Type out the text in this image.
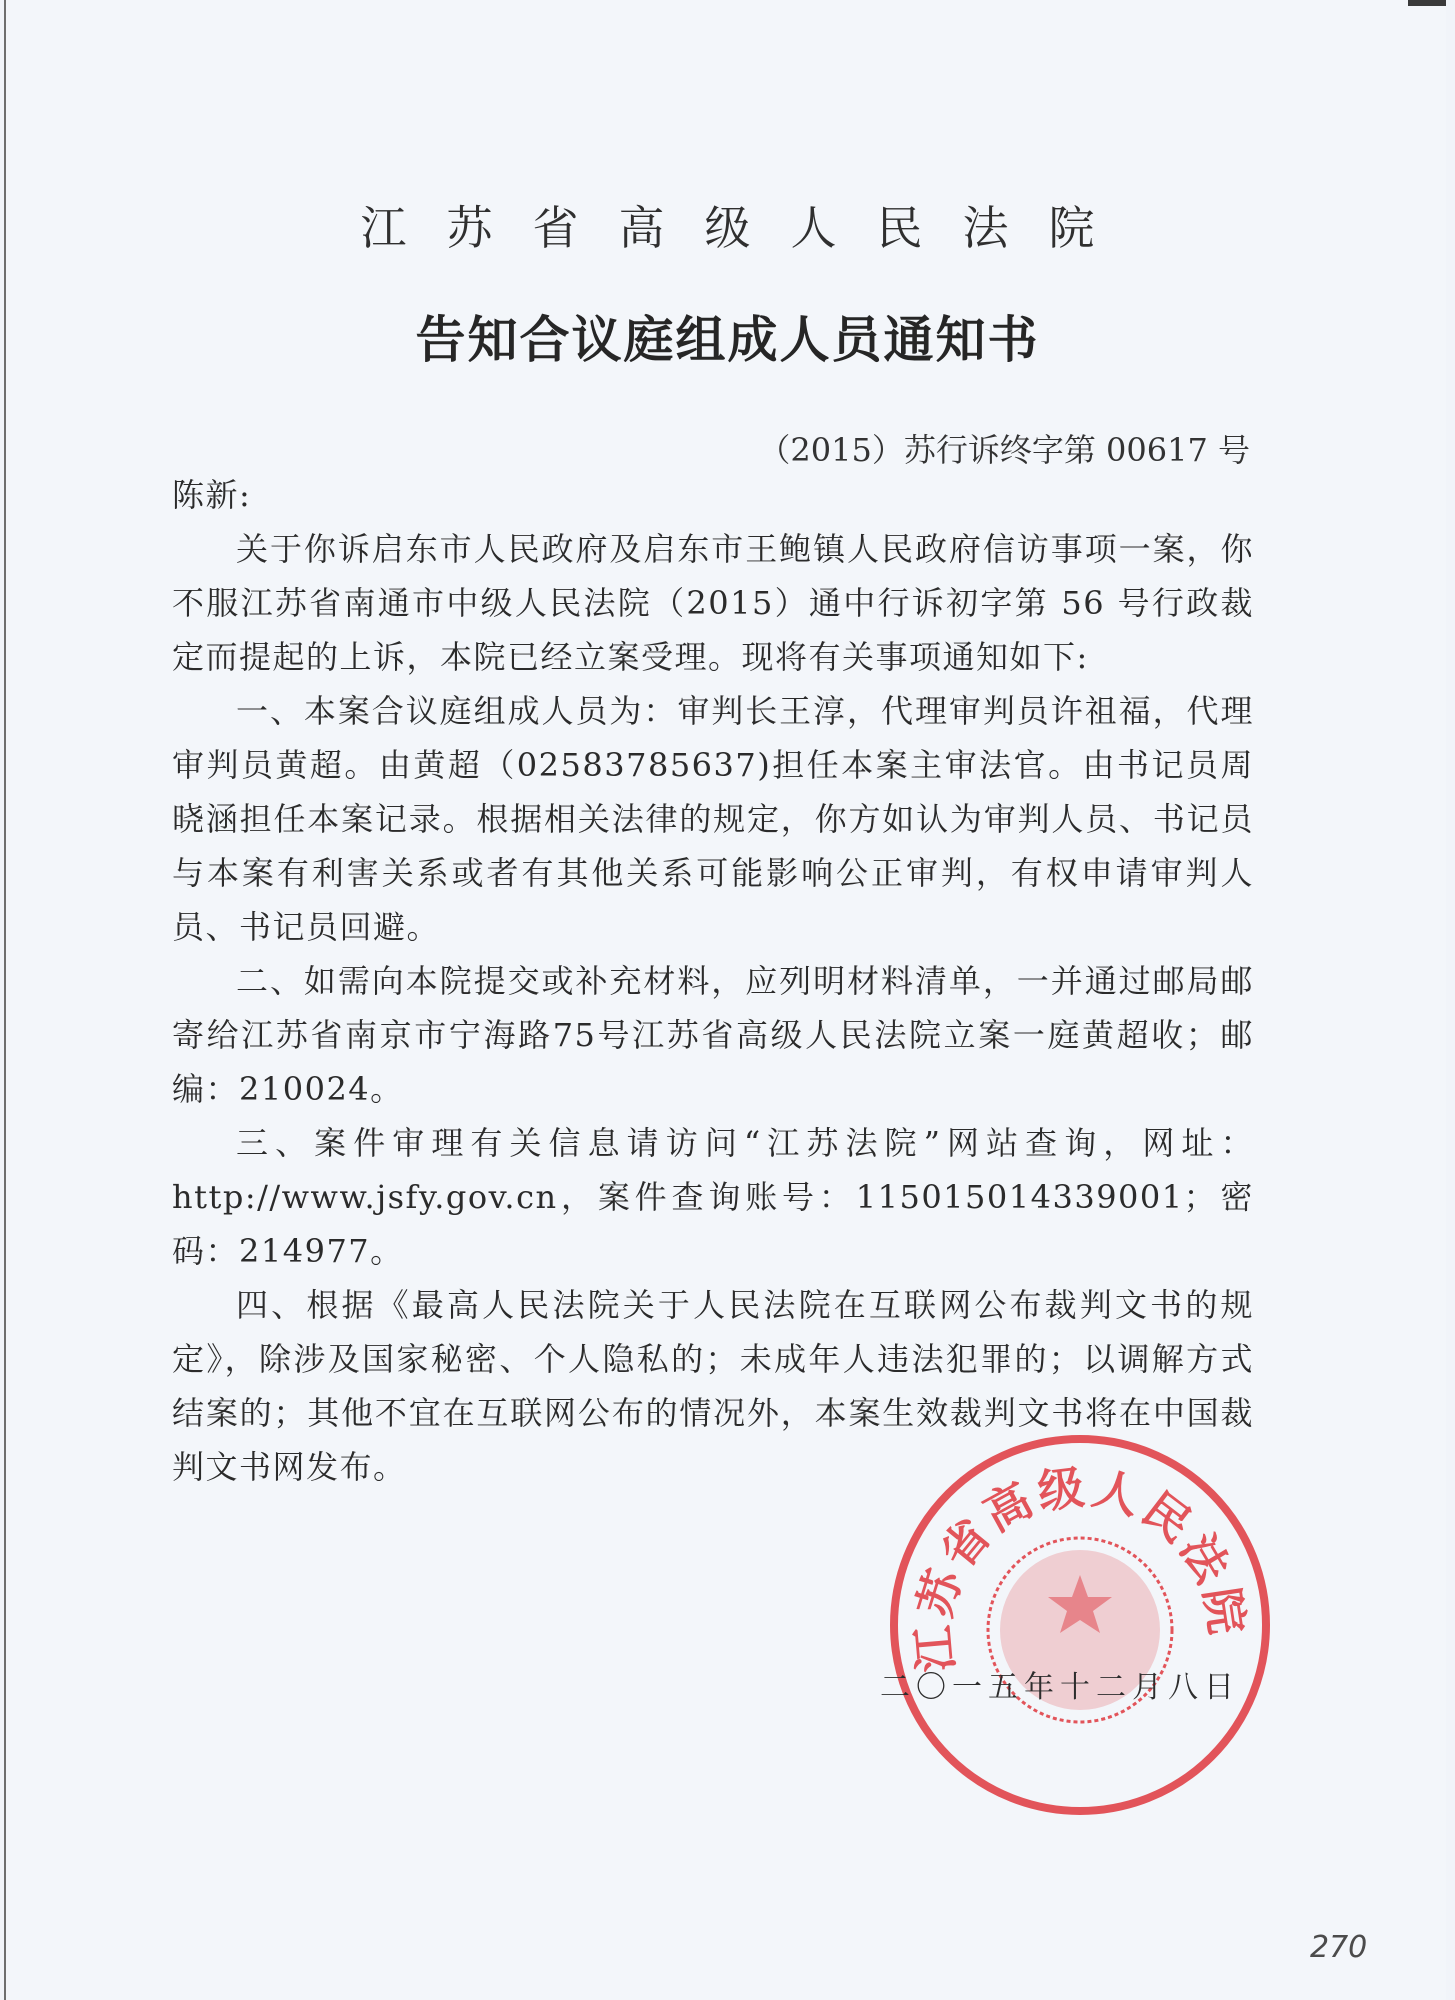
江苏省高级人民法院
告知合议庭组成人员通知书
（2015）苏行诉终字第 00617 号

陈新:

关于你诉启东市人民政府及启东市王鲍镇人民政府信访事项一案，你不服江苏省南通市中级人民法院（2015）通中行诉初字第 56 号行政裁定而提起的上诉，本院已经立案受理。现将有关事项通知如下:

一、本案合议庭组成人员为：审判长王淳，代理审判员许祖福，代理审判员黄超。由黄超（02583785637)担任本案主审法官。由书记员周晓涵担任本案记录。根据相关法律的规定，你方如认为审判人员、书记员与本案有利害关系或者有其他关系可能影响公正审判，有权申请审判人员、书记员回避。

二、如需向本院提交或补充材料，应列明材料清单，一并通过邮局邮寄给江苏省南京市宁海路75号江苏省高级人民法院立案一庭黄超收；邮编：210024。

三、案件审理有关信息请访问“江苏法院”网站查询，网址：http://www.jsfy.gov.cn，案件查询账号：115015014339001；密码：214977。

四、根据《最高人民法院关于人民法院在互联网公布裁判文书的规定》，除涉及国家秘密、个人隐私的；未成年人违法犯罪的；以调解方式结案的；其他不宜在互联网公布的情况外，本案生效裁判文书将在中国裁判文书网发布。

江苏省高级人民法院
二〇一五年十二月八日
270
